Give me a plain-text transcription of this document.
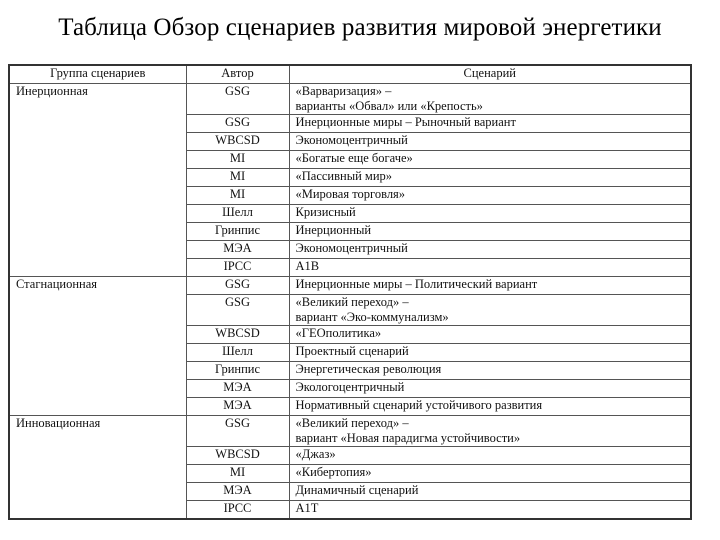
Таблица Обзор сценариев развития мировой энергетики
Группа сценариев	Автор	Сценарий
Инерционная	GSG	«Варваризация» –
варианты «Обвал» или «Крепость»

	GSG	Инерционные миры – Рыночный вариант

	WBCSD	Экономоцентричный

	MI	«Богатые еще богаче»

	MI	«Пассивный мир»

	MI	«Мировая торговля»

	Шелл	Кризисный

	Гринпис	Инерционный

	МЭА	Экономоцентричный

	IPCC	A1B

Стагнационная	GSG	Инерционные миры – Политический вариант

	GSG	«Великий переход» –
вариант «Эко-коммунализм»

	WBCSD	«ГЕОполитика»

	Шелл	Проектный сценарий

	Гринпис	Энергетическая революция

	МЭА	Экологоцентричный

	МЭА	Нормативный сценарий устойчивого развития

Инновационная	GSG	«Великий переход» –
вариант «Новая парадигма устойчивости»

	WBCSD	«Джаз»

	MI	«Кибертопия»

	МЭА	Динамичный сценарий

	IPCC	A1T
